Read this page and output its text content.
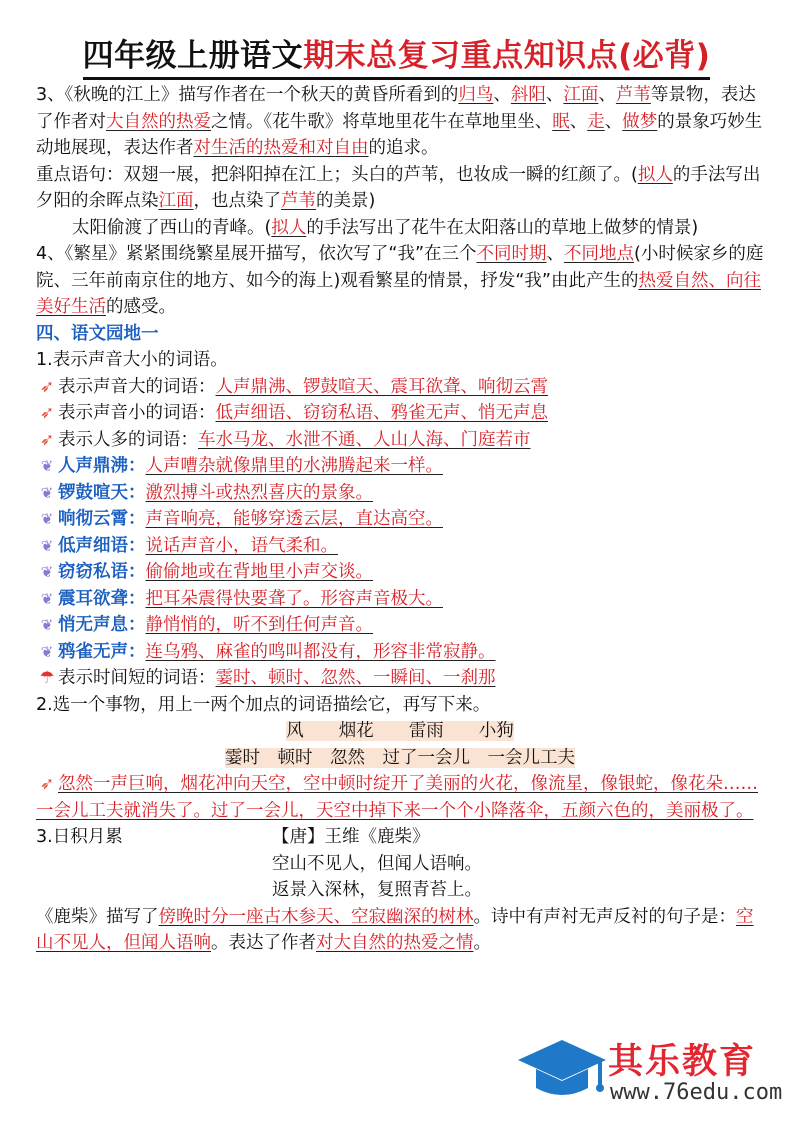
四年级上册语文期末总复习重点知识点(必背)

3、《秋晚的江上》描写作者在一个秋天的黄昏所看到的归鸟、斜阳、江面、芦苇等景物，表达了作者对大自然的热爱之情。《花牛歌》将草地里花牛在草地里坐、眠、走、做梦的景象巧妙生动地展现，表达作者对生活的热爱和对自由的追求。

重点语句：双翅一展，把斜阳掉在江上；头白的芦苇，也妆成一瞬的红颜了。(拟人的手法写出夕阳的余晖点染江面，也点染了芦苇的美景)

太阳偷渡了西山的青峰。(拟人的手法写出了花牛在太阳落山的草地上做梦的情景)

4、《繁星》紧紧围绕繁星展开描写，依次写了“我”在三个不同时期、不同地点(小时候家乡的庭院、三年前南京住的地方、如今的海上)观看繁星的情景，抒发“我”由此产生的热爱自然、向往美好生活的感受。

四、语文园地一

1.表示声音大小的词语。

➶ 表示声音大的词语：人声鼎沸、锣鼓喧天、震耳欲聋、响彻云霄

➶ 表示声音小的词语：低声细语、窃窃私语、鸦雀无声、悄无声息

➶ 表示人多的词语：车水马龙、水泄不通、人山人海、门庭若市

❦ 人声鼎沸：人声嘈杂就像鼎里的水沸腾起来一样。

❦ 锣鼓喧天：激烈搏斗或热烈喜庆的景象。

❦ 响彻云霄：声音响亮，能够穿透云层，直达高空。

❦ 低声细语：说话声音小，语气柔和。

❦ 窃窃私语：偷偷地或在背地里小声交谈。

❦ 震耳欲聋：把耳朵震得快要聋了。形容声音极大。

❦ 悄无声息：静悄悄的，听不到任何声音。

❦ 鸦雀无声：连乌鸦、麻雀的鸣叫都没有，形容非常寂静。

☂ 表示时间短的词语：霎时、顿时、忽然、一瞬间、一刹那

2.选一个事物，用上一两个加点的词语描绘它，再写下来。

风　　烟花　　雷雨　　小狗

霎时　顿时　忽然　过了一会儿　一会儿工夫

➶ 忽然一声巨响，烟花冲向天空，空中顿时绽开了美丽的火花，像流星，像银蛇，像花朵……一会儿工夫就消失了。过了一会儿，天空中掉下来一个个小降落伞，五颜六色的，美丽极了。

3.日积月累	【唐】王维《鹿柴》

空山不见人，但闻人语响。

返景入深林，复照青苔上。

《鹿柴》描写了傍晚时分一座古木参天、空寂幽深的树林。诗中有声衬无声反衬的句子是：空山不见人，但闻人语响。表达了作者对大自然的热爱之情。

其乐教育
www.76edu.com
